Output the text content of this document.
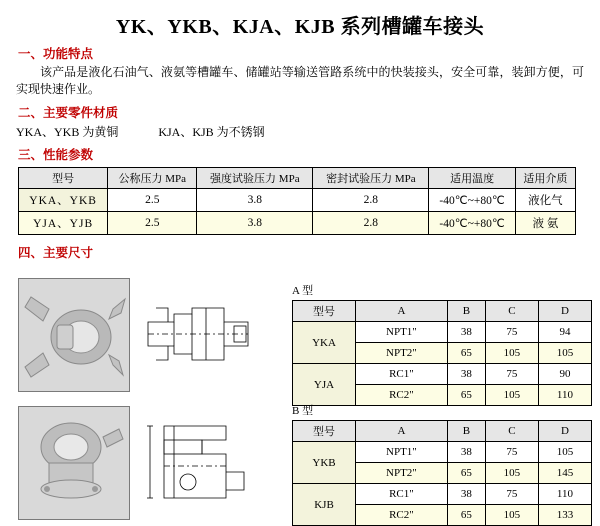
YK、YKB、KJA、KJB 系列槽罐车接头
一、功能特点
该产品是液化石油气、液氨等槽罐车、储罐站等输送管路系统中的快装接头，安全可靠，装卸方便，可实现快速作业。
二、主要零件材质
YKA、YKB 为黄铜	KJA、KJB 为不锈钢
三、性能参数
型号	公称压力 MPa	强度试验压力 MPa	密封试验压力 MPa	适用温度	适用介质
YKA、YKB	2.5	3.8	2.8	-40℃~+80℃	液化气
YJA、YJB	2.5	3.8	2.8	-40℃~+80℃	液 氨
四、主要尺寸

A 型
型号	A	B	C	D
YKA	NPT1"	38	75	94
	NPT2"	65	105	105
YJA	RC1"	38	75	90
	RC2"	65	105	110
B 型
型号	A	B	C	D
YKB	NPT1"	38	75	105
	NPT2"	65	105	145
KJB	RC1"	38	75	110
	RC2"	65	105	133
